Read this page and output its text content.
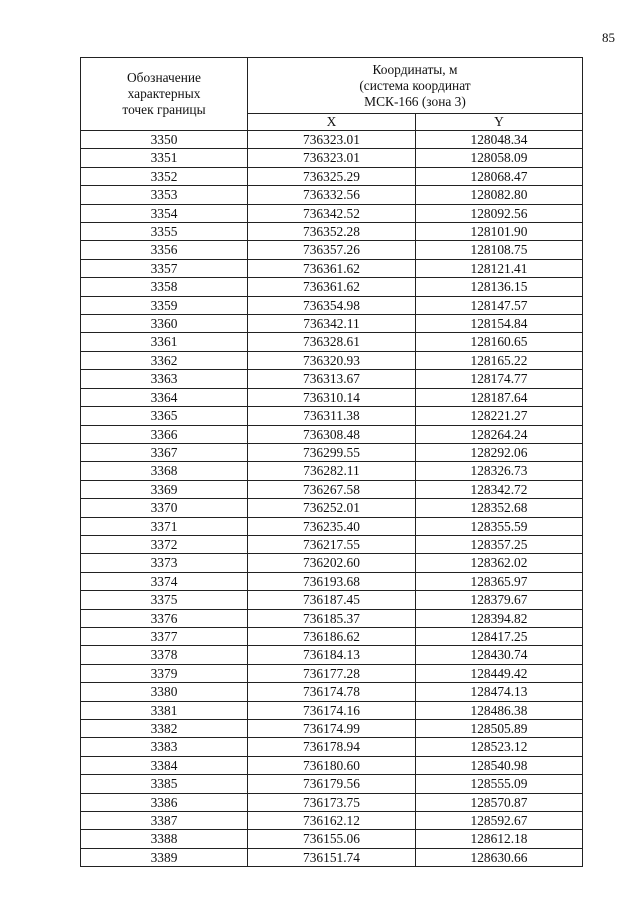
85
Обозначение
характерных
точек границы	Координаты, м
(система координат
МСК-166 (зона 3)	

	X	Y
3350	736323.01	128048.34
3351	736323.01	128058.09
3352	736325.29	128068.47
3353	736332.56	128082.80
3354	736342.52	128092.56
3355	736352.28	128101.90
3356	736357.26	128108.75
3357	736361.62	128121.41
3358	736361.62	128136.15
3359	736354.98	128147.57
3360	736342.11	128154.84
3361	736328.61	128160.65
3362	736320.93	128165.22
3363	736313.67	128174.77
3364	736310.14	128187.64
3365	736311.38	128221.27
3366	736308.48	128264.24
3367	736299.55	128292.06
3368	736282.11	128326.73
3369	736267.58	128342.72
3370	736252.01	128352.68
3371	736235.40	128355.59
3372	736217.55	128357.25
3373	736202.60	128362.02
3374	736193.68	128365.97
3375	736187.45	128379.67
3376	736185.37	128394.82
3377	736186.62	128417.25
3378	736184.13	128430.74
3379	736177.28	128449.42
3380	736174.78	128474.13
3381	736174.16	128486.38
3382	736174.99	128505.89
3383	736178.94	128523.12
3384	736180.60	128540.98
3385	736179.56	128555.09
3386	736173.75	128570.87
3387	736162.12	128592.67
3388	736155.06	128612.18
3389	736151.74	128630.66
